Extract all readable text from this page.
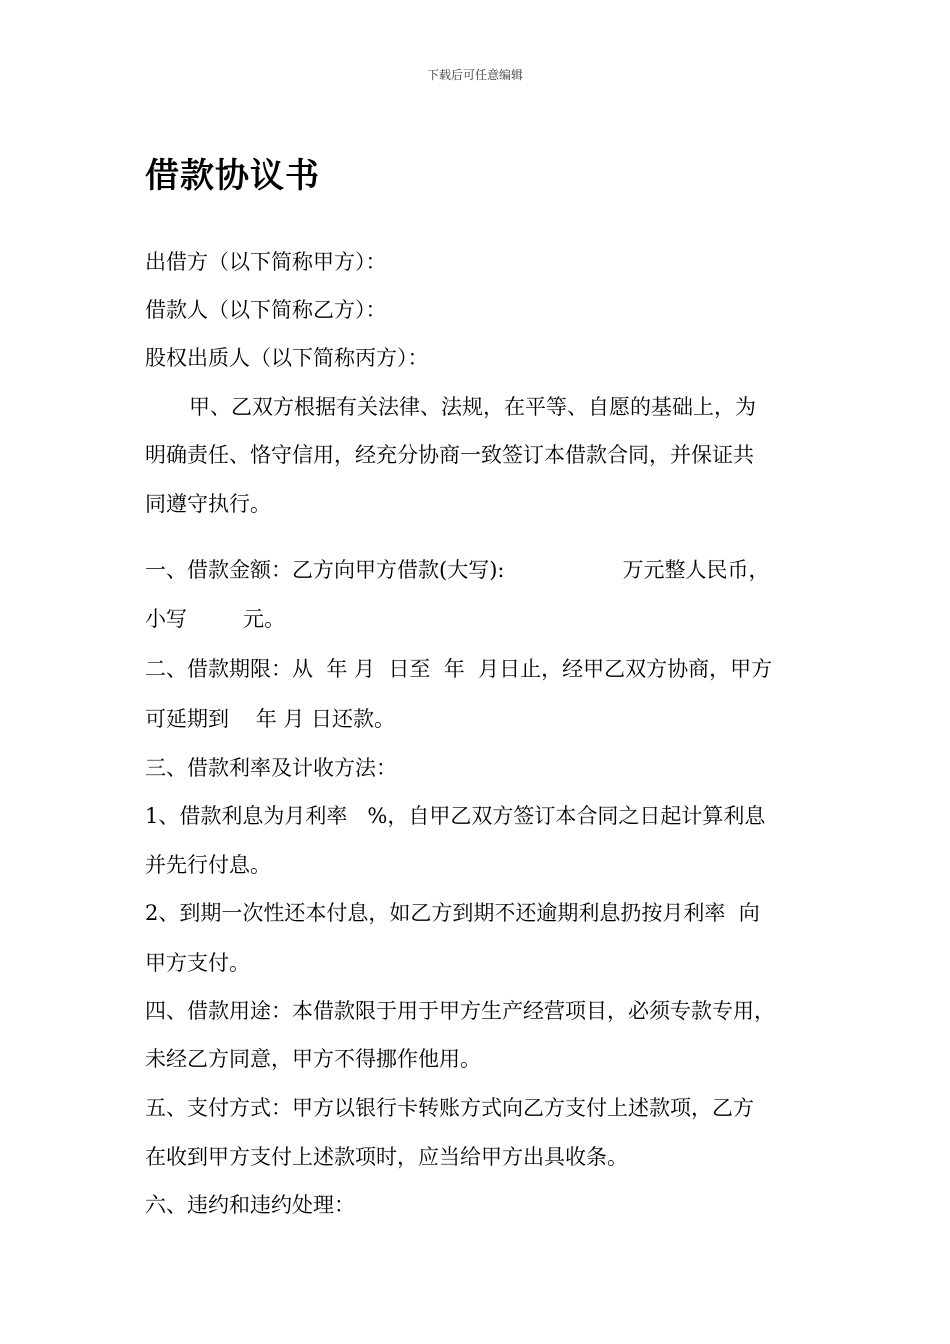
下载后可任意编辑
借款协议书
出借方（以下简称甲方）：
借款人（以下简称乙方）：
股权出质人（以下简称丙方）：
甲、乙双方根据有关法律、法规，在平等、自愿的基础上，为
明确责任、恪守信用，经充分协商一致签订本借款合同，并保证共
同遵守执行。
一、借款金额：乙方向甲方借款(大写):	万元整人民币，
小写	元。
二、借款期限：从  年 月  日至  年  月日止，经甲乙双方协商，甲方
可延期到    年 月 日还款。
三、借款利率及计收方法：
1、借款利息为月利率   %，自甲乙双方签订本合同之日起计算利息
并先行付息。
2、到期一次性还本付息，如乙方到期不还逾期利息扔按月利率  向
甲方支付。
四、借款用途：本借款限于用于甲方生产经营项目，必须专款专用，
未经乙方同意，甲方不得挪作他用。
五、支付方式：甲方以银行卡转账方式向乙方支付上述款项，乙方
在收到甲方支付上述款项时，应当给甲方出具收条。
六、违约和违约处理：
